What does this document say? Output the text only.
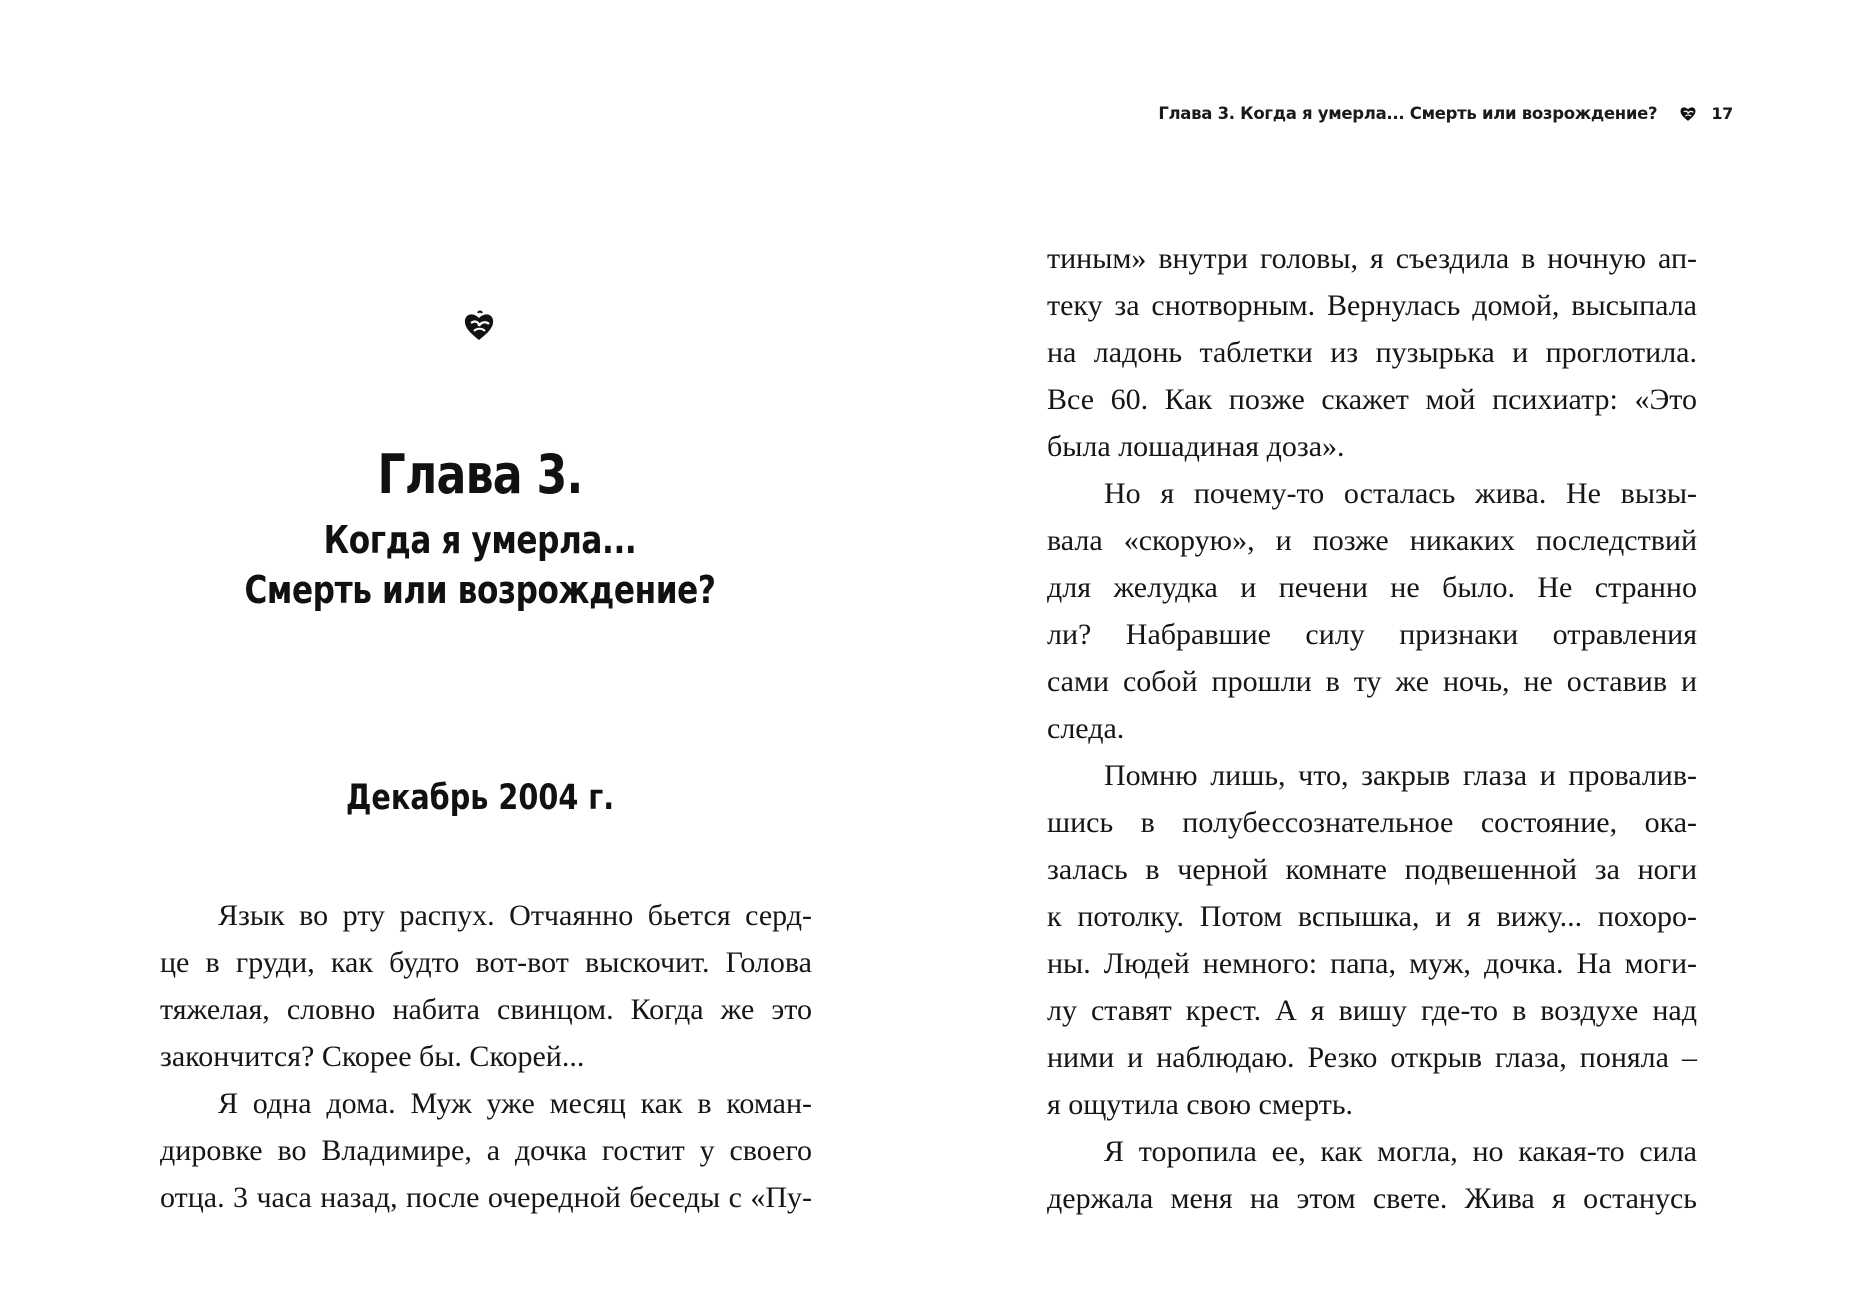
Глава 3.
Когда я умерла...
Смерть или возрождение?
Декабрь 2004 г.
Язык во рту распух. Отчаянно бьется серд-
це в груди, как будто вот-вот выскочит. Голова
тяжелая, словно набита свинцом. Когда же это
закончится? Скорее бы. Скорей...
Я одна дома. Муж уже месяц как в коман-
дировке во Владимире, а дочка гостит у своего
отца. 3 часа назад, после очередной беседы с «Пу-
Глава 3. Когда я умерла... Смерть или возрождение?	17
тиным» внутри головы, я съездила в ночную ап-
теку за снотворным. Вернулась домой, высыпала
на ладонь таблетки из пузырька и проглотила.
Все 60. Как позже скажет мой психиатр: «Это
была лошадиная доза».
Но я почему-то осталась жива. Не вызы-
вала «скорую», и позже никаких последствий
для желудка и печени не было. Не странно
ли? Набравшие силу признаки отравления
сами собой прошли в ту же ночь, не оставив и
следа.
Помню лишь, что, закрыв глаза и провалив-
шись в полубессознательное состояние, ока-
залась в черной комнате подвешенной за ноги
к потолку. Потом вспышка, и я вижу... похоро-
ны. Людей немного: папа, муж, дочка. На моги-
лу ставят крест. А я вишу где-то в воздухе над
ними и наблюдаю. Резко открыв глаза, поняла –
я ощутила свою смерть.
Я торопила ее, как могла, но какая-то сила
держала меня на этом свете. Жива я останусь
